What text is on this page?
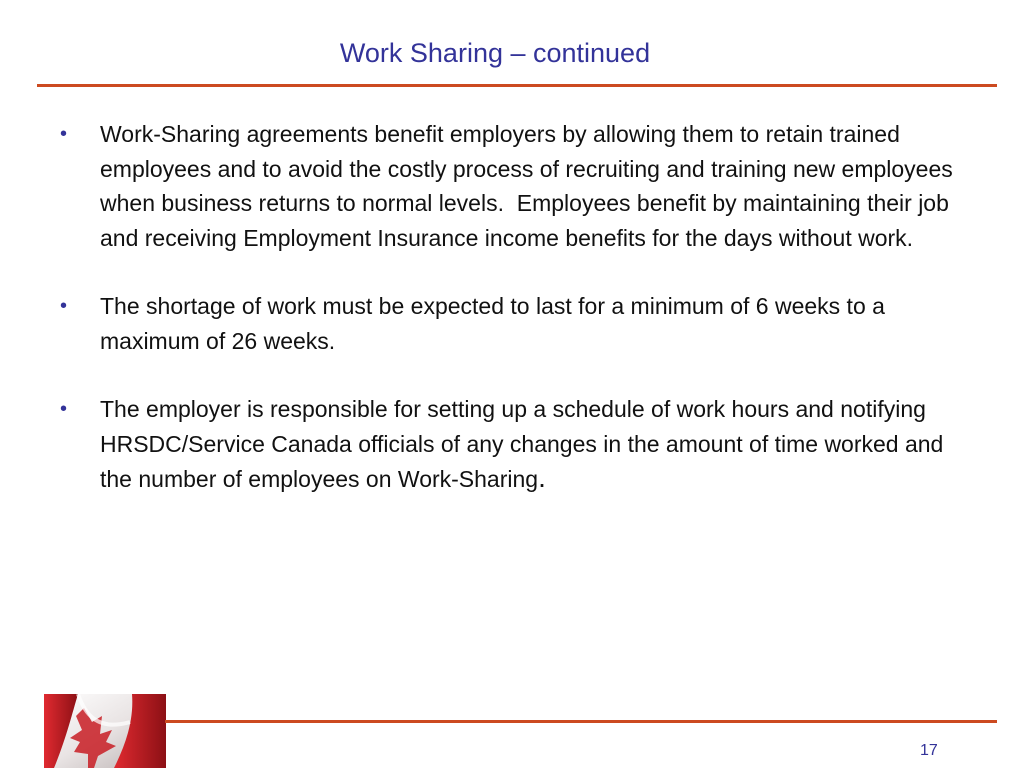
Work Sharing – continued
• Work-Sharing agreements benefit employers by allowing them to retain trained employees and to avoid the costly process of recruiting and training new employees when business returns to normal levels.  Employees benefit by maintaining their job and receiving Employment Insurance income benefits for the days without work.
• The shortage of work must be expected to last for a minimum of 6 weeks to a maximum of 26 weeks.
• The employer is responsible for setting up a schedule of work hours and notifying HRSDC/Service Canada officials of any changes in the amount of time worked and the number of employees on Work-Sharing.
17
